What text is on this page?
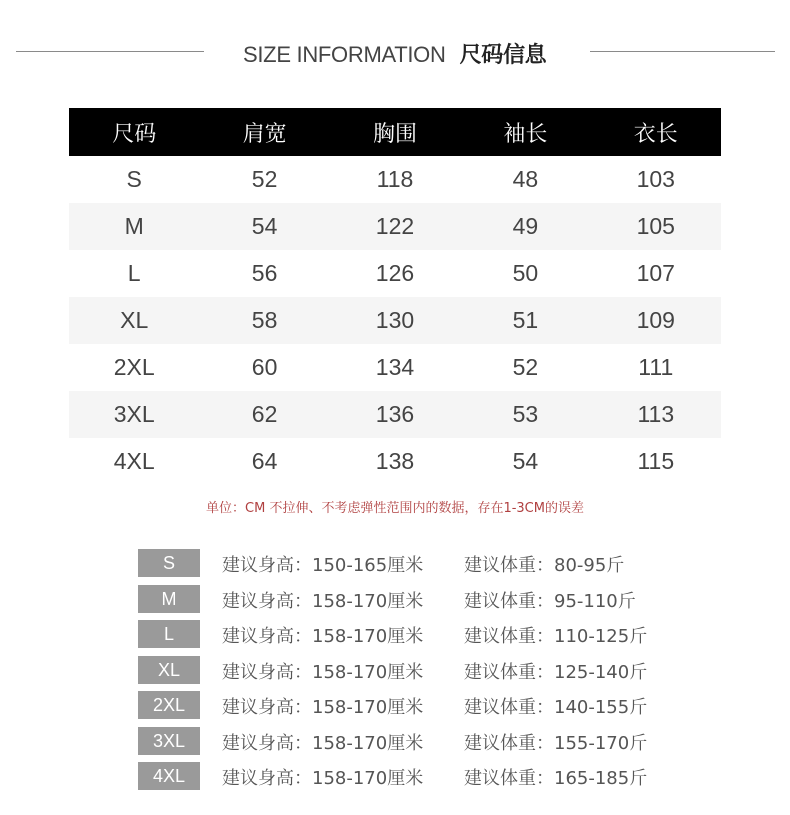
SIZE INFORMATION 尺码信息
尺码	肩宽	胸围	袖长	衣长
S	52	118	48	103
M	54	122	49	105
L	56	126	50	107
XL	58	130	51	109
2XL	60	134	52	111
3XL	62	136	53	113
4XL	64	138	54	115
单位：CM 不拉伸、不考虑弹性范围内的数据，存在1-3CM的误差
S	建议身高：150-165厘米 建议体重：80-95斤
M	建议身高：158-170厘米 建议体重：95-110斤
L	建议身高：158-170厘米 建议体重：110-125斤
XL	建议身高：158-170厘米 建议体重：125-140斤
2XL	建议身高：158-170厘米 建议体重：140-155斤
3XL	建议身高：158-170厘米 建议体重：155-170斤
4XL	建议身高：158-170厘米 建议体重：165-185斤
